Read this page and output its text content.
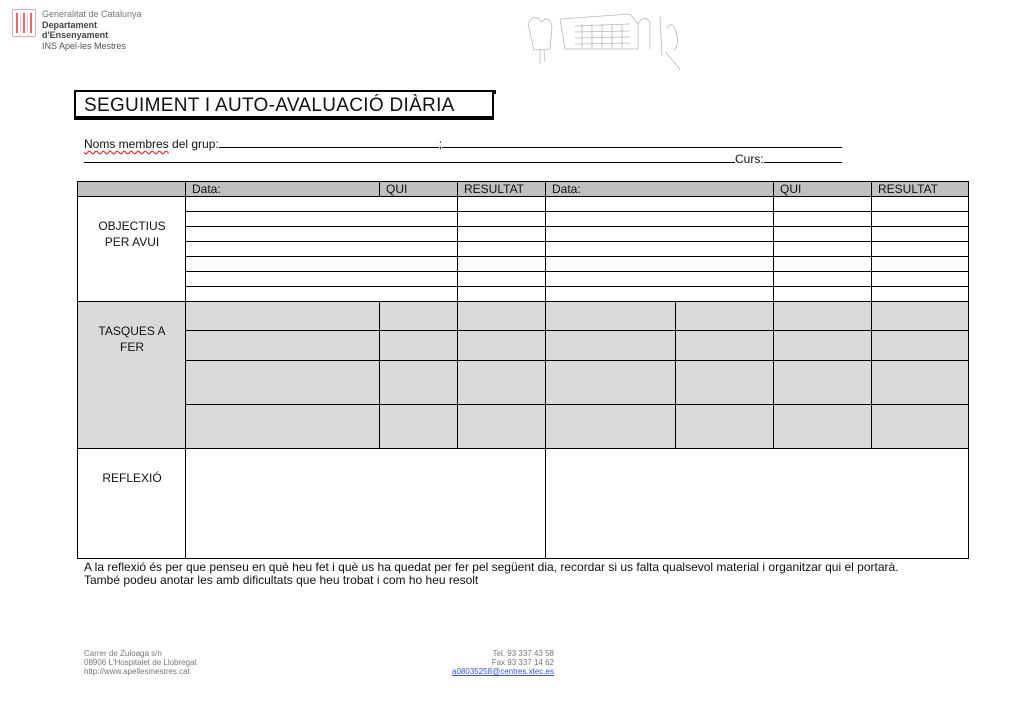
Generalitat de Catalunya
Departament
d'Ensenyament
INS Apel·les Mestres
SEGUIMENT I AUTO-AVALUACIÓ DIÀRIA
Noms membres del grup:	;
Curs:
Data:	QUI	RESULTAT	Data:	QUI	RESULTAT
OBJECTIUS
PER AVUI
TASQUES A
FER
REFLEXIÓ
A la reflexió és per que penseu en què heu fet i què us ha quedat per fer pel següent dia, recordar si us falta qualsevol material i organitzar qui el portarà.
També podeu anotar les amb dificultats que heu trobat i com ho heu resolt
Carrer de Zuloaga s/n
08906 L'Hospitalet de Llobregat
http://www.apellesmestres.cat
Tel. 93 337 43 58
Fax 93 337 14 62
a08035258@centres.xtec.es
